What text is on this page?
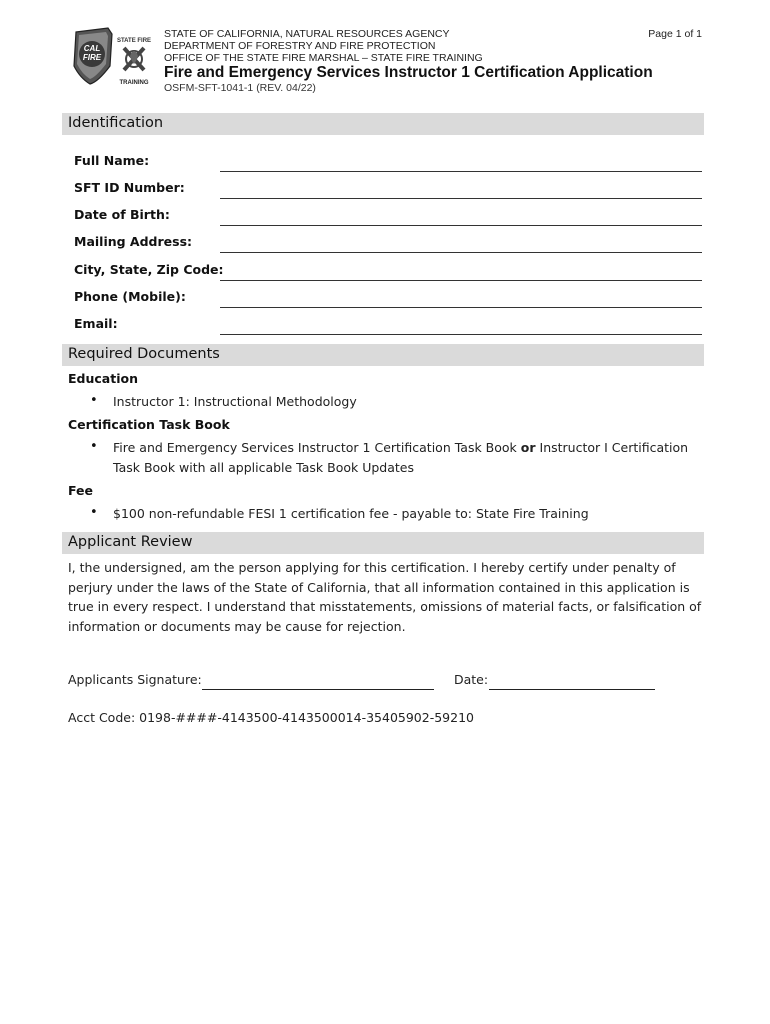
CAL
FIRE
STATE FIRE
TRAINING
STATE OF CALIFORNIA, NATURAL RESOURCES AGENCY
DEPARTMENT OF FORESTRY AND FIRE PROTECTION
OFFICE OF THE STATE FIRE MARSHAL – STATE FIRE TRAINING
Fire and Emergency Services Instructor 1 Certification Application
OSFM-SFT-1041-1 (REV. 04/22)
Page 1 of 1
Identification
Full Name:
SFT ID Number:
Date of Birth:
Mailing Address:
City, State, Zip Code:
Phone (Mobile):
Email:
Required Documents
Education
• Instructor 1: Instructional Methodology
Certification Task Book
• Fire and Emergency Services Instructor 1 Certification Task Book or Instructor I Certification Task Book with all applicable Task Book Updates
Fee
• $100 non-refundable FESI 1 certification fee - payable to: State Fire Training
Applicant Review
I, the undersigned, am the person applying for this certification. I hereby certify under penalty of perjury under the laws of the State of California, that all information contained in this application is true in every respect. I understand that misstatements, omissions of material facts, or falsification of information or documents may be cause for rejection.
Applicants Signature:	Date:
Acct Code: 0198-####-4143500-4143500014-35405902-59210
